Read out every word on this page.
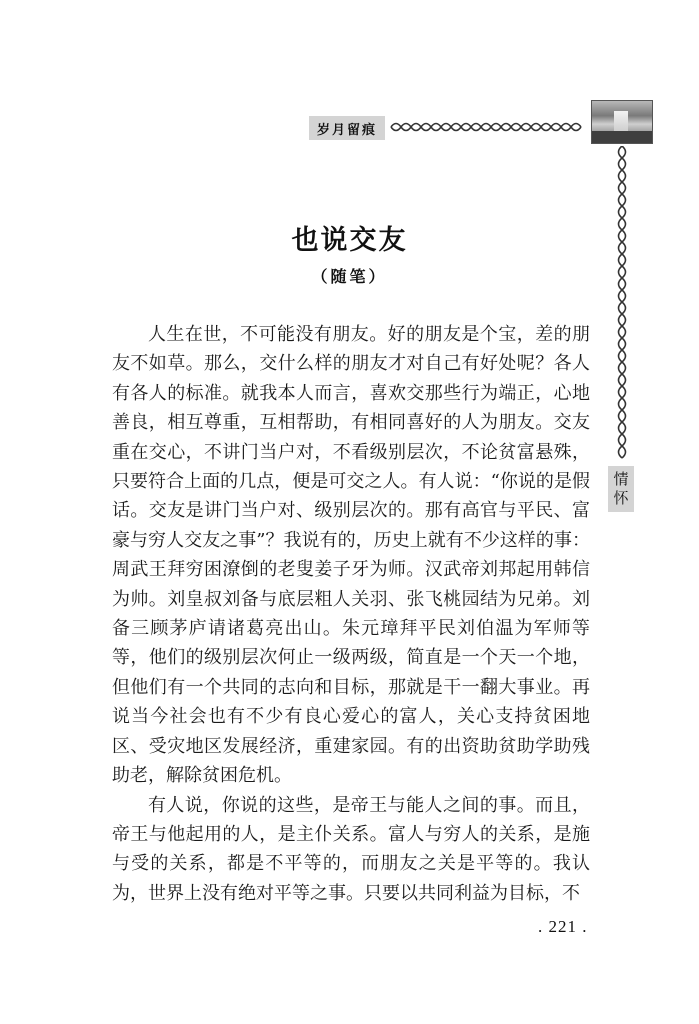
岁月留痕
情
怀
也说交友
（随笔）

人生在世，不可能没有朋友。好的朋友是个宝，差的朋友不如草。那么，交什么样的朋友才对自己有好处呢？各人有各人的标准。就我本人而言，喜欢交那些行为端正，心地善良，相互尊重，互相帮助，有相同喜好的人为朋友。交友重在交心，不讲门当户对，不看级别层次，不论贫富悬殊，只要符合上面的几点，便是可交之人。有人说：“你说的是假话。交友是讲门当户对、级别层次的。那有高官与平民、富豪与穷人交友之事”？我说有的，历史上就有不少这样的事：周武王拜穷困潦倒的老叟姜子牙为师。汉武帝刘邦起用韩信为帅。刘皇叔刘备与底层粗人关羽、张飞桃园结为兄弟。刘备三顾茅庐请诸葛亮出山。朱元璋拜平民刘伯温为军师等等，他们的级别层次何止一级两级，简直是一个天一个地，但他们有一个共同的志向和目标，那就是干一翻大事业。再说当今社会也有不少有良心爱心的富人，关心支持贫困地区、受灾地区发展经济，重建家园。有的出资助贫助学助残助老，解除贫困危机。

有人说，你说的这些，是帝王与能人之间的事。而且，帝王与他起用的人，是主仆关系。富人与穷人的关系，是施与受的关系，都是不平等的，而朋友之关是平等的。我认为，世界上没有绝对平等之事。只要以共同利益为目标，不

. 221 .
